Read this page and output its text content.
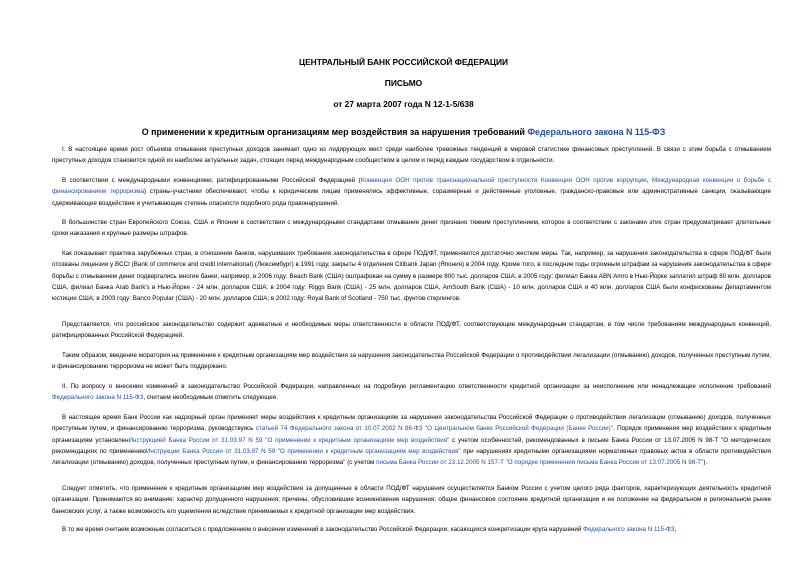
ЦЕНТРАЛЬНЫЙ БАНК РОССИЙСКОЙ ФЕДЕРАЦИИ
ПИСЬМО
от 27 марта 2007 года N 12-1-5/638
О применении к кредитным организациям мер воздействия за нарушения требований Федерального закона N 115-ФЗ
I. В настоящее время рост объемов отмывания преступных доходов занимает одно из лидирующих мест среди наиболее тревожных тенденций в мировой статистике финансовых преступлений. В связи с этим борьба с отмыванием преступных доходов становится одной из наиболее актуальных задач, стоящих перед международным сообществом в целом и перед каждым государством в отдельности.
В соответствии с международными конвенциями, ратифицированными Российской Федерацией (Конвенция ООН против транснациональной преступности Конвенция ООН против коррупции, Международная конвенция о борьбе с финансированием терроризма) страны-участники обеспечивают, чтобы к юридическим лицам применялись эффективные, соразмерные и действенные уголовные, гражданско-правовые или административные санкции, оказывающие сдерживающее воздействие и учитывающие степень опасности подобного рода правонарушений.
В большинстве стран Европейского Союза, США и Японии в соответствии с международными стандартами отмывание денег признано тяжким преступлением, которое в соответствии с законами этих стран предусматривает длительные сроки наказания и крупные размеры штрафов.
Как показывает практика зарубежных стран, в отношении банков, нарушивших требования законодательства в сфере ПОД/ФТ, применяются достаточно жесткие меры. Так, например, за нарушения законодательства в сфере ПОД/ФТ были отозваны лицензии у BCCI (Bank of commerce and credit international) (Люксембург) в 1991 году, закрыты 4 отделения Citibank Japan (Япония) в 2004 году. Кроме того, в последние годы огромным штрафам за нарушения законодательства в сфере борьбы с отмыванием денег подвергались многие банки, например, в 2006 году: Beach Bank (США) оштрафован на сумму в размере 800 тыс. долларов США; в 2005 году: филиал Банка ABN Amro в Нью-Йорке заплатил штраф 80 млн. долларов США, филиал Банка Arab Bank's в Нью-Йорке - 24 млн. долларов США; в 2004 году: Riggs Bank (США) - 25 млн. долларов США, AmSouth Bank (США) - 10 млн. долларов США и 40 млн. долларов США были конфискованы Департаментом юстиции США; в 2003 году: Banco Popular (США) - 20 млн. долларов США; в 2002 году: Royal Bank of Scotland - 750 тыс. фунтов стерлингов.
Представляется, что российское законодательство содержит адекватные и необходимые меры ответственности в области ПОД/ФТ, соответствующие международным стандартам, в том числе требованиям международных конвенций, ратифицированных Российской Федерацией.
Таким образом, введение моратория на применение к кредитным организациям мер воздействия за нарушения законодательства Российской Федерации о противодействии легализации (отмыванию) доходов, полученных преступным путем, и финансированию терроризма не может быть поддержано.
II. По вопросу о внесении изменений в законодательство Российской Федерации, направленных на подробную регламентацию ответственности кредитной организации за неисполнение или ненадлежащее исполнение требований Федерального закона N 115-ФЗ, считаем необходимым отметить следующее.
В настоящее время Банк России как надзорный орган применяет меры воздействия к кредитным организациям за нарушения законодательства Российской Федерации о противодействии легализации (отмыванию) доходов, полученных преступным путем, и финансированию терроризма, руководствуясь статьей 74 Федерального закона от 10.07.2002 N 86-ФЗ "О Центральном банке Российской Федерации (Банке России)". Порядок применения мер воздействия к кредитным организациям установленИнструкцией Банка России от 31.03.97 N 59 "О применении к кредитным организациям мер воздействия" с учетом особенностей, рекомендованных в письме Банка России от 13.07.2005 N 98-Т "О методических рекомендациях по применениюИнструкции Банка России от 31.03.97 N 59 "О применении к кредитным организациям мер воздействия" при нарушениях кредитными организациями нормативных правовых актов в области противодействия легализации (отмыванию) доходов, полученных преступным путем, и финансированию терроризма" (с учетом письма Банка России от 23.12.2005 N 157-Т "О порядке применения письма Банка России от 13.07.2005 N 98-Т").
Следует отметить, что применение к кредитным организациям мер воздействия за допущенные в области ПОД/ФТ нарушения осуществляется Банком России с учетом целого ряда факторов, характеризующих деятельность кредитной организации. Принимаются во внимание: характер допущенного нарушения; причины, обусловившие возникновение нарушения; общее финансовое состояние кредитной организации и ее положение на федеральном и региональном рынке банковских услуг, а также возможность его ущемления вследствие принимаемых к кредитной организации мер воздействия.
В то же время считаем возможным согласиться с предложением о внесении изменений в законодательство Российской Федерации, касающихся конкретизации круга нарушений Федерального закона N 115-ФЗ,
